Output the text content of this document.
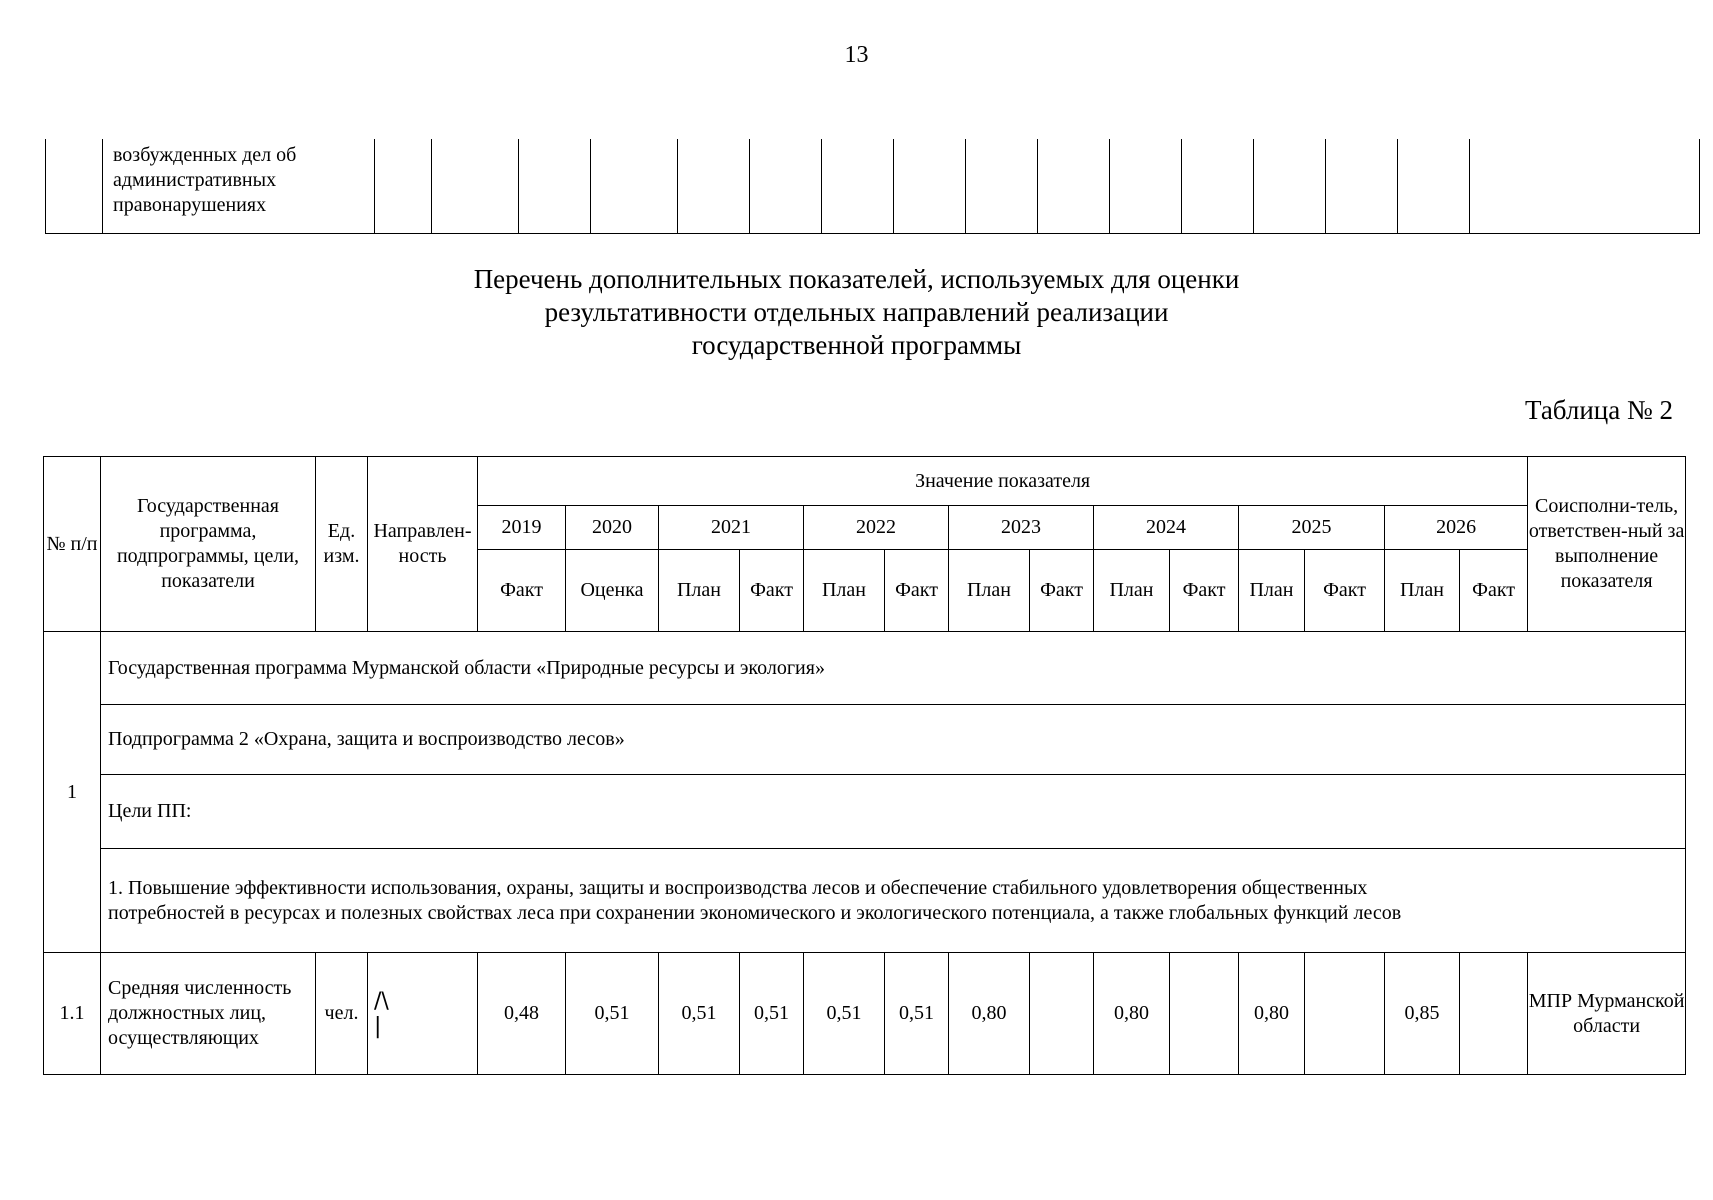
13

возбужденных дел об
административных
правонарушениях

Перечень дополнительных показателей, используемых для оценки
результативности отдельных направлений реализации
государственной программы
Таблица № 2
№ п/п	Государственная программа, подпрограммы, цели, показатели	Ед. изм.	Направлен-ность	Значение показателя														Соисполни-тель, ответствен-ный за выполнение показателя
				2019	2020	2021		2022		2023		2024		2025		2026		
				Факт	Оценка	План	Факт	План	Факт	План	Факт	План	Факт	План	Факт	План	Факт	
1	Государственная программа Мурманской области «Природные ресурсы и экология»																	
	Подпрограмма 2 «Охрана, защита и воспроизводство лесов»																	
	Цели ПП:																	
	1. Повышение эффективности использования, охраны, защиты и воспроизводства лесов и обеспечение стабильного удовлетворения общественных потребностей в ресурсах и полезных свойствах леса при сохранении экономического и экологического потенциала, а также глобальных функций лесов																	
1.1	Средняя численность должностных лиц, осуществляющих	чел.	/\
|	0,48	0,51	0,51	0,51	0,51	0,51	0,80		0,80		0,80		0,85		МПР Мурманской области
